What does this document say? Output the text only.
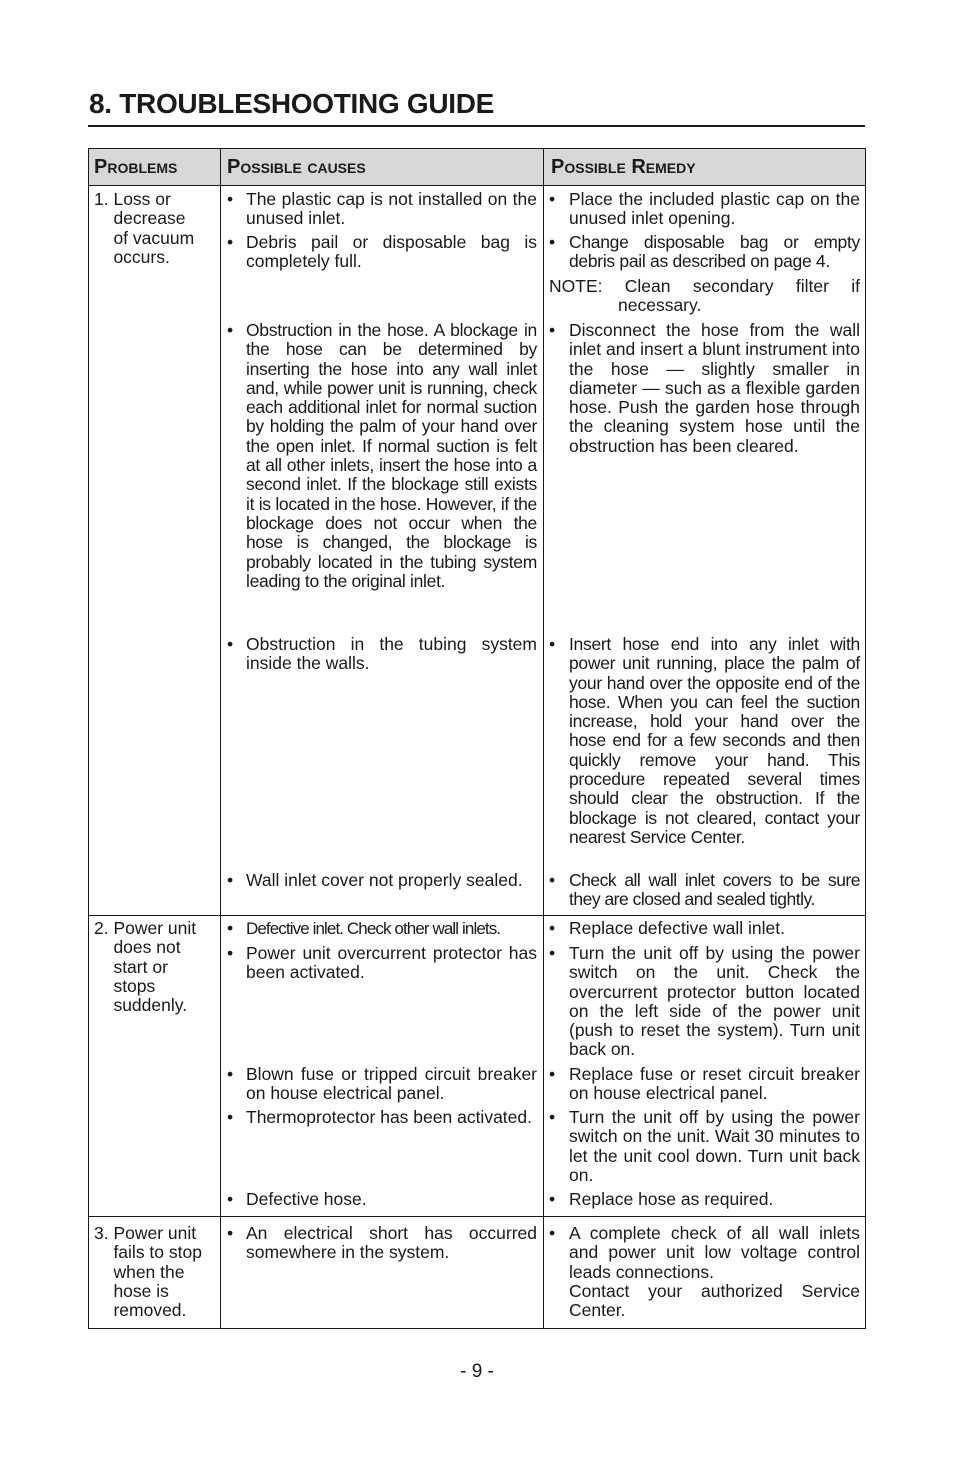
8. TROUBLESHOOTING GUIDE
Problems Possible causes	Possible Remedy
1. Loss or
decrease
of vacuum
occurs.
2. Power unit
does not
start or
stops
suddenly.
3. Power unit
fails to stop
when the
hose is
removed.
• The plastic cap is not installed on the unused inlet.
• Debris pail or disposable bag is completely full.
• Obstruction in the hose. A blockage in the hose can be determined by inserting the hose into any wall inlet and, while power unit is running, check each additional inlet for normal suction by holding the palm of your hand over the open inlet. If normal suction is felt at all other inlets, insert the hose into a second inlet. If the blockage still exists it is located in the hose. However, if the blockage does not occur when the hose is changed, the blockage is probably located in the tubing system leading to the original inlet.
• Obstruction in the tubing system inside the walls.
• Wall inlet cover not properly sealed.
• Defective inlet. Check other wall inlets.
• Power unit overcurrent protector has been activated.
• Blown fuse or tripped circuit breaker on house electrical panel.
• Thermoprotector has been activated.
• Defective hose.
• An electrical short has occurred somewhere in the system.
• Place the included plastic cap on the unused inlet opening.
• Change disposable bag or empty debris pail as described on page 4.
NOTE: Clean secondary filter if necessary.
• Disconnect the hose from the wall inlet and insert a blunt instrument into the hose — slightly smaller in diameter — such as a flexible garden hose. Push the garden hose through the cleaning system hose until the obstruction has been cleared.
• Insert hose end into any inlet with power unit running, place the palm of your hand over the opposite end of the hose. When you can feel the suction increase, hold your hand over the hose end for a few seconds and then quickly remove your hand. This procedure repeated several times should clear the obstruction. If the blockage is not cleared, contact your nearest Service Center.
• Check all wall inlet covers to be sure they are closed and sealed tightly.
• Replace defective wall inlet.
• Turn the unit off by using the power switch on the unit. Check the overcurrent protector button located on the left side of the power unit (push to reset the system). Turn unit back on.
• Replace fuse or reset circuit breaker on house electrical panel.
• Turn the unit off by using the power switch on the unit. Wait 30 minutes to let the unit cool down. Turn unit back on.
• Replace hose as required.
• A complete check of all wall inlets and power unit low voltage control leads connections.
Contact your authorized Service Center.
- 9 -
